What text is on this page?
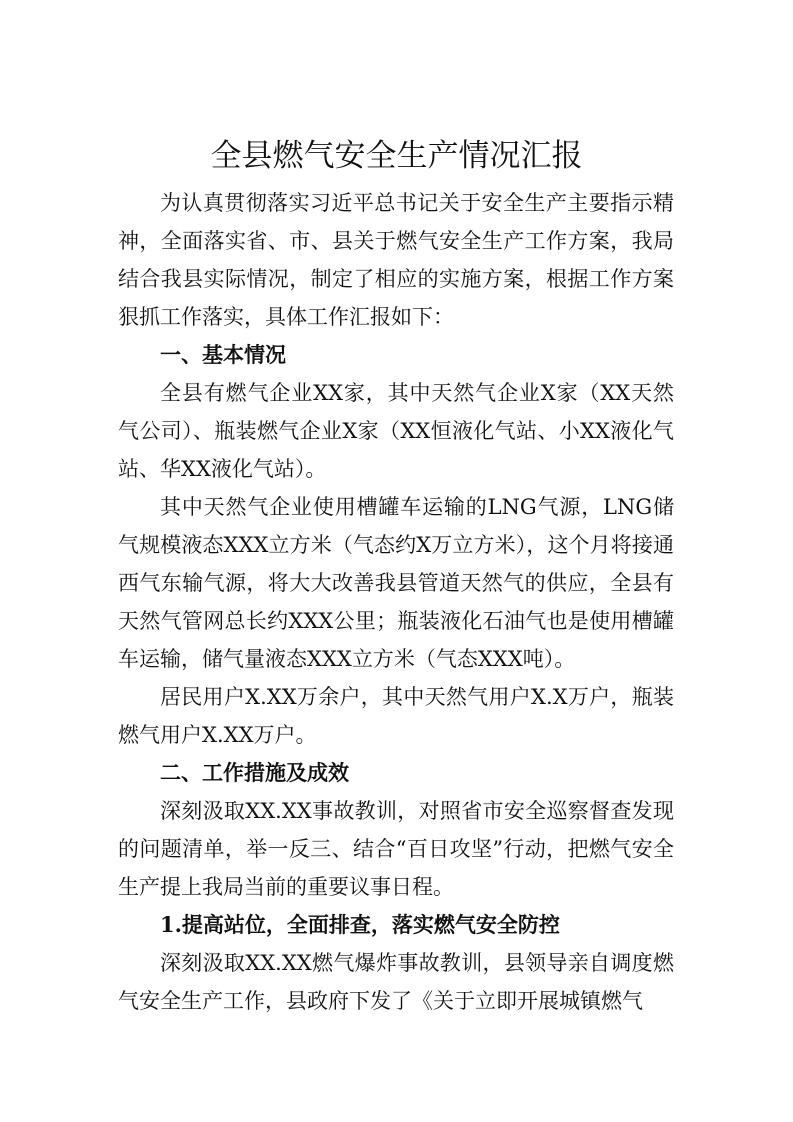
全县燃气安全生产情况汇报

为认真贯彻落实习近平总书记关于安全生产主要指示精神，全面落实省、市、县关于燃气安全生产工作方案，我局结合我县实际情况，制定了相应的实施方案，根据工作方案狠抓工作落实，具体工作汇报如下：

一、基本情况

全县有燃气企业XX家，其中天然气企业X家（XX天然气公司）、瓶装燃气企业X家（XX恒液化气站、小XX液化气站、华XX液化气站）。

其中天然气企业使用槽罐车运输的LNG气源，LNG储气规模液态XXX立方米（气态约X万立方米），这个月将接通西气东输气源，将大大改善我县管道天然气的供应，全县有天然气管网总长约XXX公里；瓶装液化石油气也是使用槽罐车运输，储气量液态XXX立方米（气态XXX吨）。

居民用户X.XX万余户，其中天然气用户X.X万户，瓶装燃气用户X.XX万户。

二、工作措施及成效

深刻汲取XX.XX事故教训，对照省市安全巡察督查发现的问题清单，举一反三、结合“百日攻坚”行动，把燃气安全生产提上我局当前的重要议事日程。

1.提高站位，全面排查，落实燃气安全防控

深刻汲取XX.XX燃气爆炸事故教训，县领导亲自调度燃气安全生产工作，县政府下发了《关于立即开展城镇燃气
